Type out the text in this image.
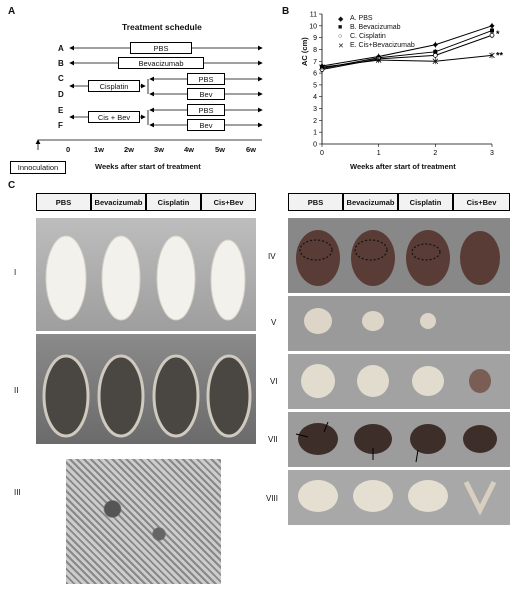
A	B
C
Treatment schedule
A
B
C
D
E
F
PBS
Bevacizumab
Cisplatin
Cis + Bev
PBS
Bev
PBS
Bev
0	1w	2w	3w	4w	5w	6w
Innoculation	Weeks after start of treatment
0
1
2
3
4
5
6
7
8
9
10
11
0	1	2	3
*
**
AC (cm)
Weeks after start of treatment
◆ A. PBS
■	B. Bevacizumab
○	C. Cisplatin
✕ E. Cis+Bevacizumab
PBS	Bevacizumab	Cisplatin	Cis+Bev	PBS	Bevacizumab	Cisplatin	Cis+Bev
I
II
III
IV
V
VI
VII
VIII
